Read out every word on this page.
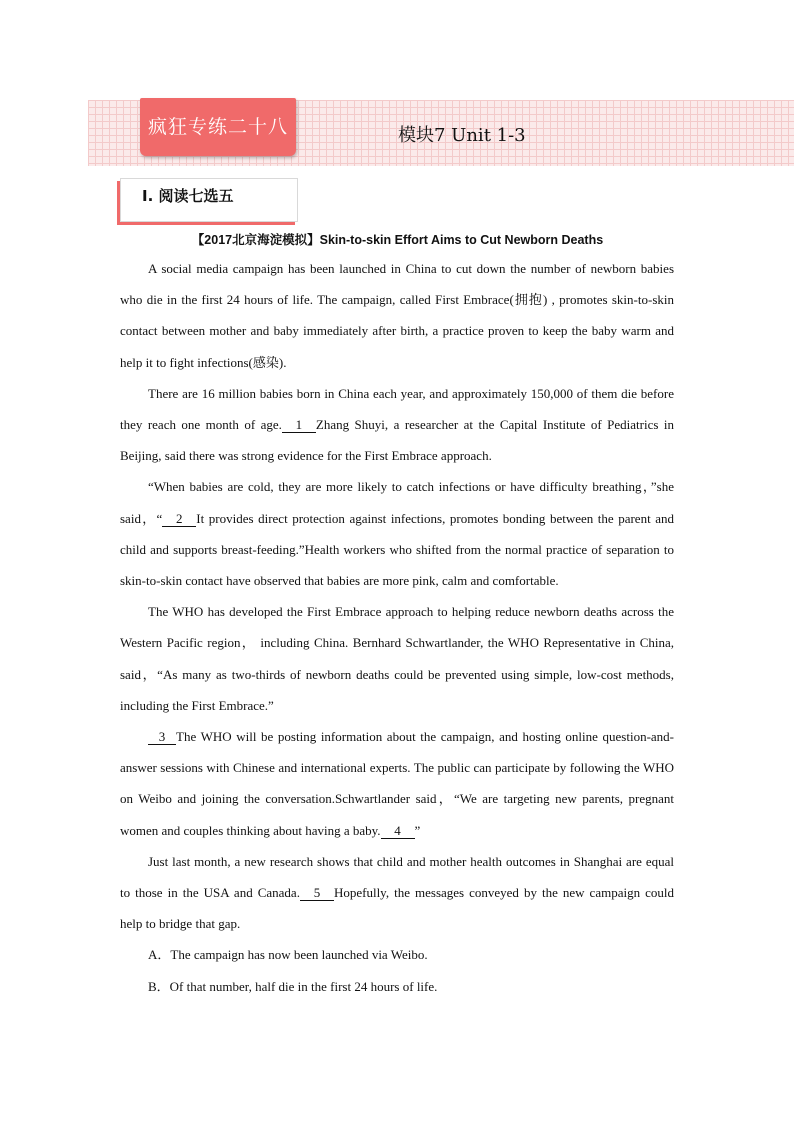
疯狂专练二十八	模块7 Unit 1-3
Ⅰ. 阅读七选五
【2017北京海淀模拟】Skin-to-skin Effort Aims to Cut Newborn Deaths

A social media campaign has been launched in China to cut down the number of newborn babies who die in the first 24 hours of life. The campaign, called First Embrace(拥抱) , promotes skin-to-skin contact between mother and baby immediately after birth, a practice proven to keep the baby warm and help it to fight infections(感染).

There are 16 million babies born in China each year, and approximately 150,000 of them die before they reach one month of age. 1 Zhang Shuyi, a researcher at the Capital Institute of Pediatrics in Beijing, said there was strong evidence for the First Embrace approach.

“When babies are cold, they are more likely to catch infections or have difficulty breathing，”she said，“ 2 It provides direct protection against infections, promotes bonding between the parent and child and supports breast-feeding.”Health workers who shifted from the normal practice of separation to skin-to-skin contact have observed that babies are more pink, calm and comfortable.

The WHO has developed the First Embrace approach to helping reduce newborn deaths across the Western Pacific region， including China. Bernhard Schwartlander, the WHO Representative in China, said，“As many as two-thirds of newborn deaths could be prevented using simple, low-cost methods, including the First Embrace.”

3 The WHO will be posting information about the campaign, and hosting online question-and-answer sessions with Chinese and international experts. The public can participate by following the WHO on Weibo and joining the conversation.Schwartlander said，“We are targeting new parents, pregnant women and couples thinking about having a baby. 4 ”

Just last month, a new research shows that child and mother health outcomes in Shanghai are equal to those in the USA and Canada. 5 Hopefully, the messages conveyed by the new campaign could help to bridge that gap.

A．The campaign has now been launched via Weibo.

B．Of that number, half die in the first 24 hours of life.
